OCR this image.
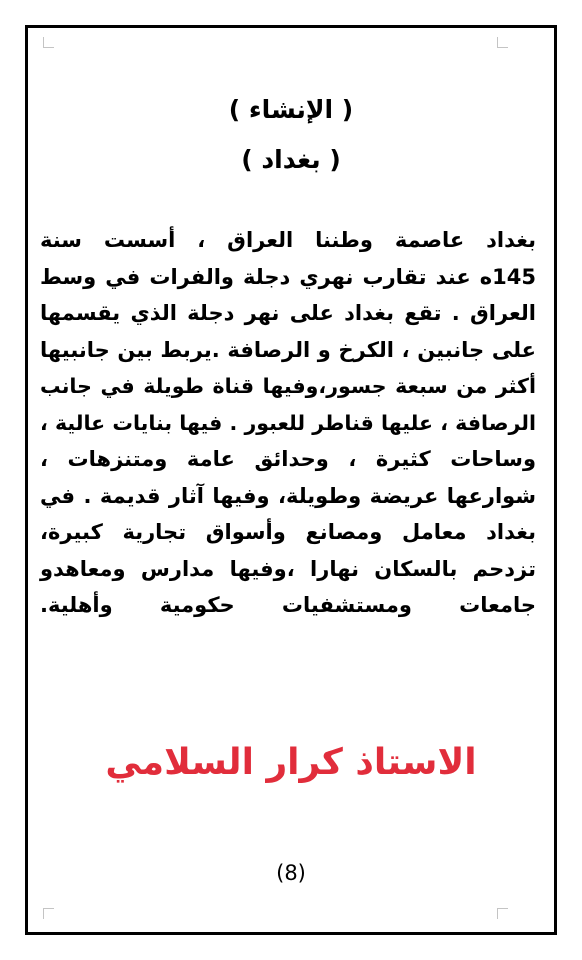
( الإنشاء )
( بغداد )
بغداد عاصمة وطننا العراق ، أسست سنة
145ه عند تقارب نهري دجلة والفرات في وسط
العراق . تقع بغداد على نهر دجلة الذي يقسمها
على جانبين ، الكرخ و الرصافة .يربط بين جانبيها
أكثر من سبعة جسور،وفيها قناة طويلة في جانب
الرصافة ، عليها قناطر للعبور . فيها بنايات عالية ،
وساحات كثيرة ، وحدائق عامة ومتنزهات ،
شوارعها عريضة وطويلة، وفيها آثار قديمة . في
بغداد معامل ومصانع وأسواق تجارية كبيرة،
تزدحم بالسكان نهارا ،وفيها مدارس ومعاهدو
جامعات ومستشفيات حكومية وأهلية.
الاستاذ كرار السلامي
(8)
